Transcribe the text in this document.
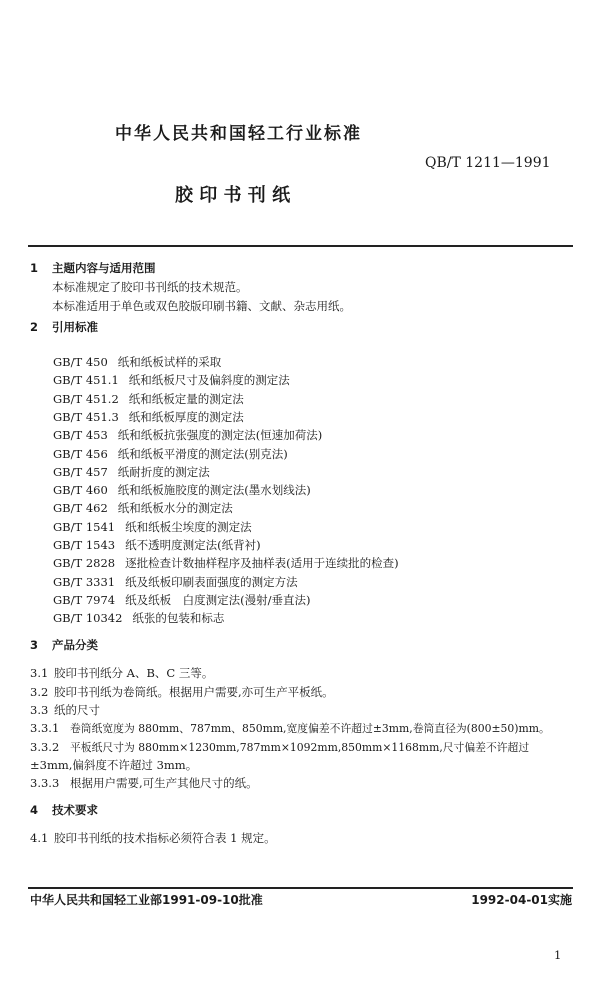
中华人民共和国轻工行业标准
QB/T 1211—1991
胶 印 书 刊 纸
1 主题内容与适用范围
本标准规定了胶印书刊纸的技术规范。
本标准适用于单色或双色胶版印刷书籍、文献、杂志用纸。
2 引用标准
GB/T 450 纸和纸板试样的采取
GB/T 451.1 纸和纸板尺寸及偏斜度的测定法
GB/T 451.2 纸和纸板定量的测定法
GB/T 451.3 纸和纸板厚度的测定法
GB/T 453 纸和纸板抗张强度的测定法(恒速加荷法)
GB/T 456 纸和纸板平滑度的测定法(别克法)
GB/T 457 纸耐折度的测定法
GB/T 460 纸和纸板施胶度的测定法(墨水划线法)
GB/T 462 纸和纸板水分的测定法
GB/T 1541 纸和纸板尘埃度的测定法
GB/T 1543 纸不透明度测定法(纸背衬)
GB/T 2828 逐批检查计数抽样程序及抽样表(适用于连续批的检查)
GB/T 3331 纸及纸板印刷表面强度的测定方法
GB/T 7974 纸及纸板　白度测定法(漫射/垂直法)
GB/T 10342 纸张的包装和标志
3 产品分类
3.1 胶印书刊纸分 A、B、C 三等。
3.2 胶印书刊纸为卷筒纸。根据用户需要,亦可生产平板纸。
3.3 纸的尺寸
3.3.1 卷筒纸宽度为 880mm、787mm、850mm,宽度偏差不许超过±3mm,卷筒直径为(800±50)mm。
3.3.2 平板纸尺寸为 880mm×1230mm,787mm×1092mm,850mm×1168mm,尺寸偏差不许超过
±3mm,偏斜度不许超过 3mm。
3.3.3 根据用户需要,可生产其他尺寸的纸。
4 技术要求
4.1 胶印书刊纸的技术指标必须符合表 1 规定。
中华人民共和国轻工业部1991-09-10批准	1992-04-01实施
1
